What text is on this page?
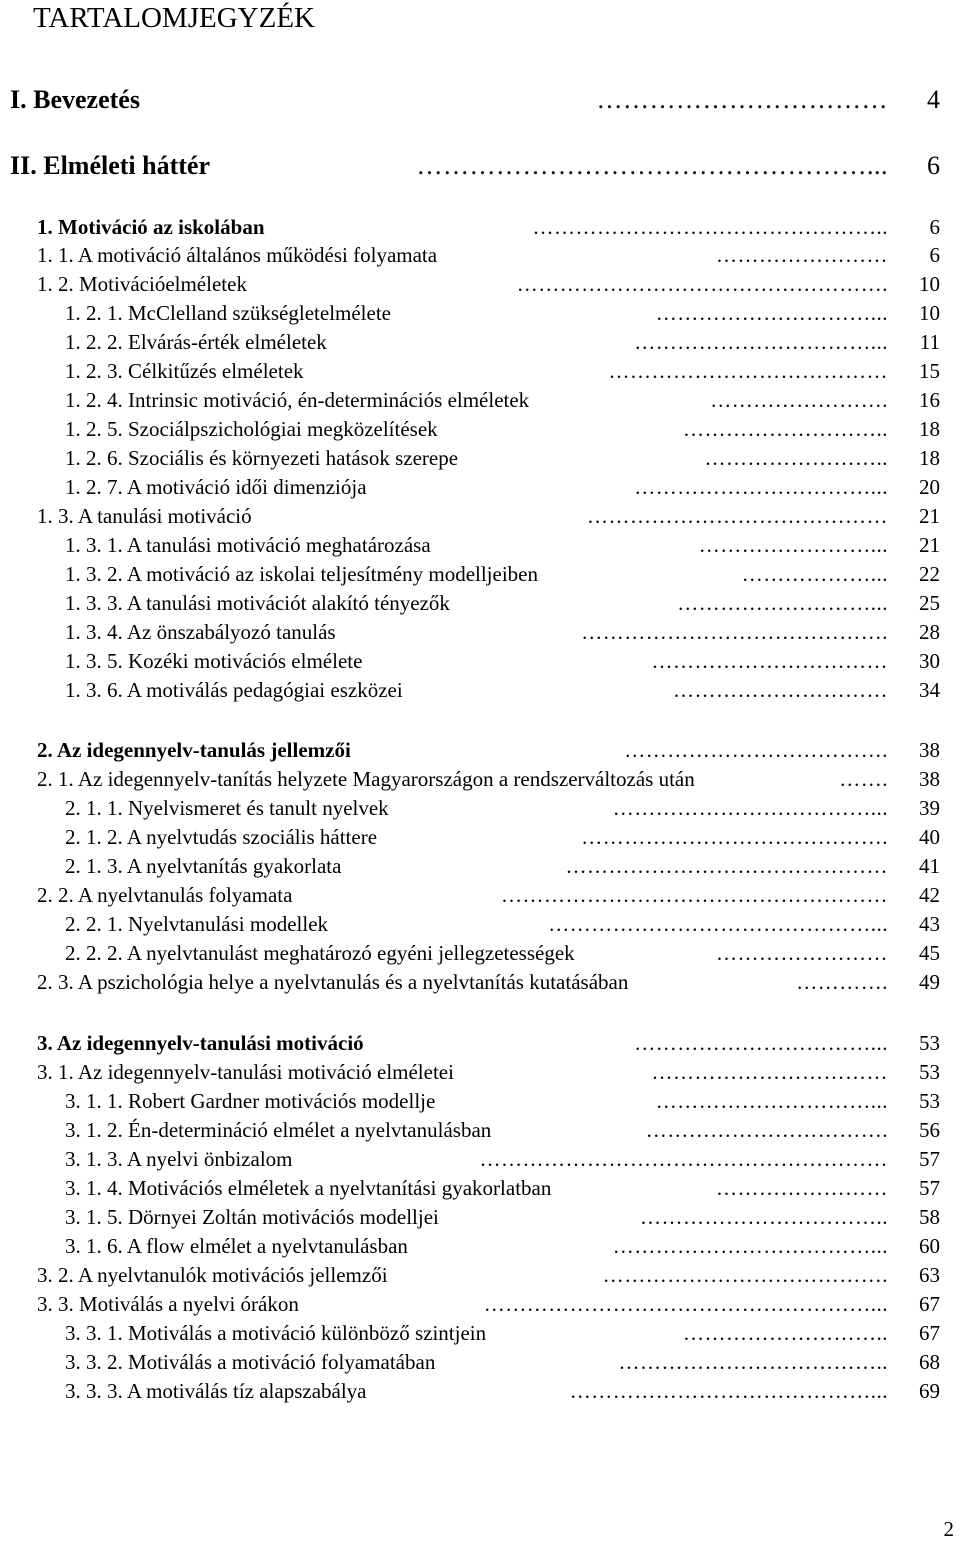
TARTALOMJEGYZÉK
I. Bevezetés	…………………………… 4
II. Elméleti háttér	……………………………………………... 6
1. Motiváció az iskolában	………………………………………….. 6
1. 1. A motiváció általános működési folyamata	…………………… 6
1. 2. Motivációelméletek	……………………………………………. 10
1. 2. 1. McClelland szükségletelmélete	…………………………... 10
1. 2. 2. Elvárás-érték elméletek	……………………………... 11
1. 2. 3. Célkitűzés elméletek	………………………………… 15
1. 2. 4. Intrinsic motiváció, én-determinációs elméletek	……………………. 16
1. 2. 5. Szociálpszichológiai megközelítések	……………………….. 18
1. 2. 6. Szociális és környezeti hatások szerepe	…………………….. 18
1. 2. 7. A motiváció idői dimenziója	……………………………... 20
1. 3. A tanulási motiváció	…………………………………… 21
1. 3. 1. A tanulási motiváció meghatározása	……………………... 21
1. 3. 2. A motiváció az iskolai teljesítmény modelljeiben	………………... 22
1. 3. 3. A tanulási motivációt alakító tényezők	………………………... 25
1. 3. 4. Az önszabályozó tanulás	……………………………………. 28
1. 3. 5. Kozéki motivációs elmélete	…………………………… 30
1. 3. 6. A motiválás pedagógiai eszközei	………………………… 34
2. Az idegennyelv-tanulás jellemzői	………………………………. 38
2. 1. Az idegennyelv-tanítás helyzete Magyarországon a rendszerváltozás után	……. 38
2. 1. 1. Nyelvismeret és tanult nyelvek	………………………………... 39
2. 1. 2. A nyelvtudás szociális háttere	……………………………………. 40
2. 1. 3. A nyelvtanítás gyakorlata	……………………………………… 41
2. 2. A nyelvtanulás folyamata	……………………………………………… 42
2. 2. 1. Nyelvtanulási modellek	………………………………………... 43
2. 2. 2. A nyelvtanulást meghatározó egyéni jellegzetességek	…………………… 45
2. 3. A pszichológia helye a nyelvtanulás és a nyelvtanítás kutatásában	…………. 49
3. Az idegennyelv-tanulási motiváció	……………………………... 53
3. 1. Az idegennyelv-tanulási motiváció elméletei	…………………………… 53
3. 1. 1. Robert Gardner motivációs modellje	…………………………... 53
3. 1. 2. Én-determináció elmélet a nyelvtanulásban	……………………………. 56
3. 1. 3. A nyelvi önbizalom	………………………………………………… 57
3. 1. 4. Motivációs elméletek a nyelvtanítási gyakorlatban	…………………… 57
3. 1. 5. Dörnyei Zoltán motivációs modelljei	…………………………….. 58
3. 1. 6. A flow elmélet a nyelvtanulásban	………………………………... 60
3. 2. A nyelvtanulók motivációs jellemzői	…………………………………. 63
3. 3. Motiválás a nyelvi órákon	………………………………………………... 67
3. 3. 1. Motiválás a motiváció különböző szintjein	……………………….. 67
3. 3. 2. Motiválás a motiváció folyamatában	……………………………….. 68
3. 3. 3. A motiválás tíz alapszabálya	……………………………………... 69
2
